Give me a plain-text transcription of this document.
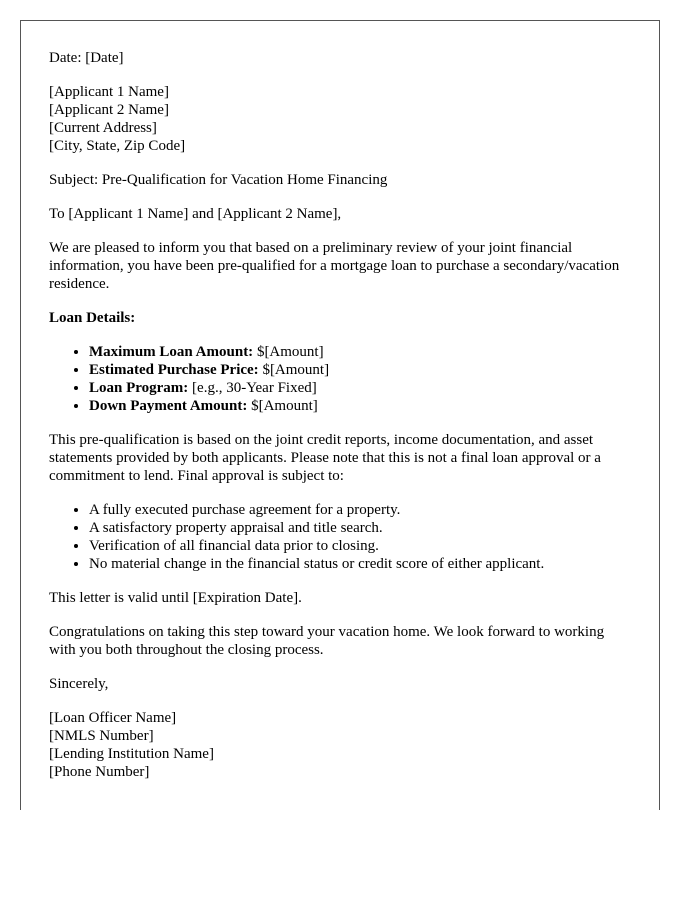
Date: [Date]

[Applicant 1 Name]
[Applicant 2 Name]
[Current Address]
[City, State, Zip Code]

Subject: Pre-Qualification for Vacation Home Financing

To [Applicant 1 Name] and [Applicant 2 Name],

We are pleased to inform you that based on a preliminary review of your joint financial information, you have been pre-qualified for a mortgage loan to purchase a secondary/vacation residence.

Loan Details:

• Maximum Loan Amount: $[Amount]
• Estimated Purchase Price: $[Amount]
• Loan Program: [e.g., 30-Year Fixed]
• Down Payment Amount: $[Amount]

This pre-qualification is based on the joint credit reports, income documentation, and asset statements provided by both applicants. Please note that this is not a final loan approval or a commitment to lend. Final approval is subject to:

• A fully executed purchase agreement for a property.
• A satisfactory property appraisal and title search.
• Verification of all financial data prior to closing.
• No material change in the financial status or credit score of either applicant.

This letter is valid until [Expiration Date].

Congratulations on taking this step toward your vacation home. We look forward to working with you both throughout the closing process.

Sincerely,

[Loan Officer Name]
[NMLS Number]
[Lending Institution Name]
[Phone Number]
